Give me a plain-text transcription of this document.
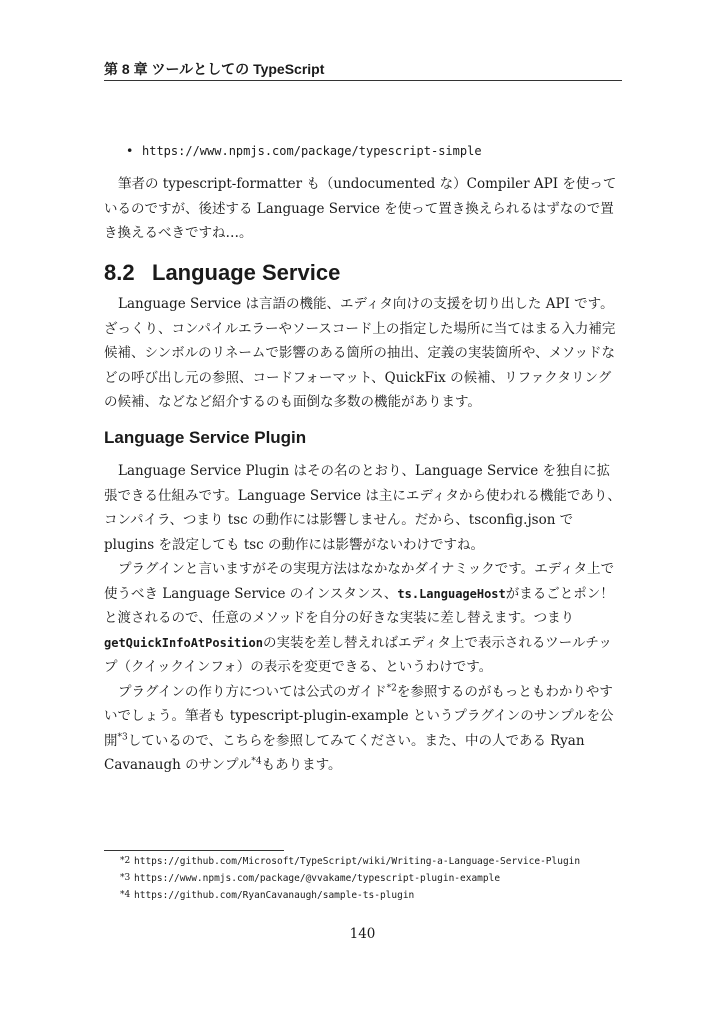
第 8 章 ツールとしての TypeScript
• https://www.npmjs.com/package/typescript-simple

筆者の typescript-formatter も（undocumented な）Compiler API を使っているのですが、後述する Language Service を使って置き換えられるはずなので置き換えるべきですね…。

8.2 Language Service

Language Service は言語の機能、エディタ向けの支援を切り出した API です。ざっくり、コンパイルエラーやソースコード上の指定した場所に当てはまる入力補完候補、シンボルのリネームで影響のある箇所の抽出、定義の実装箇所や、メソッドなどの呼び出し元の参照、コードフォーマット、QuickFix の候補、リファクタリングの候補、などなど紹介するのも面倒な多数の機能があります。

Language Service Plugin

Language Service Plugin はその名のとおり、Language Service を独自に拡張できる仕組みです。Language Service は主にエディタから使われる機能であり、コンパイラ、つまり tsc の動作には影響しません。だから、tsconfig.json で plugins を設定しても tsc の動作には影響がないわけですね。

プラグインと言いますがその実現方法はなかなかダイナミックです。エディタ上で使うべき Language Service のインスタンス、ts.LanguageHostがまるごとポン！ と渡されるので、任意のメソッドを自分の好きな実装に差し替えます。つまり getQuickInfoAtPositionの実装を差し替えればエディタ上で表示されるツールチップ（クイックインフォ）の表示を変更できる、というわけです。

プラグインの作り方については公式のガイド$^{*2}$を参照するのがもっともわかりやすいでしょう。筆者も typescript-plugin-example というプラグインのサンプルを公開$^{*3}$しているので、こちらを参照してみてください。また、中の人である Ryan Cavanaugh のサンプル$^{*4}$もあります。

*2 https://github.com/Microsoft/TypeScript/wiki/Writing-a-Language-Service-Plugin
*3 https://www.npmjs.com/package/@vvakame/typescript-plugin-example
*4 https://github.com/RyanCavanaugh/sample-ts-plugin
140
